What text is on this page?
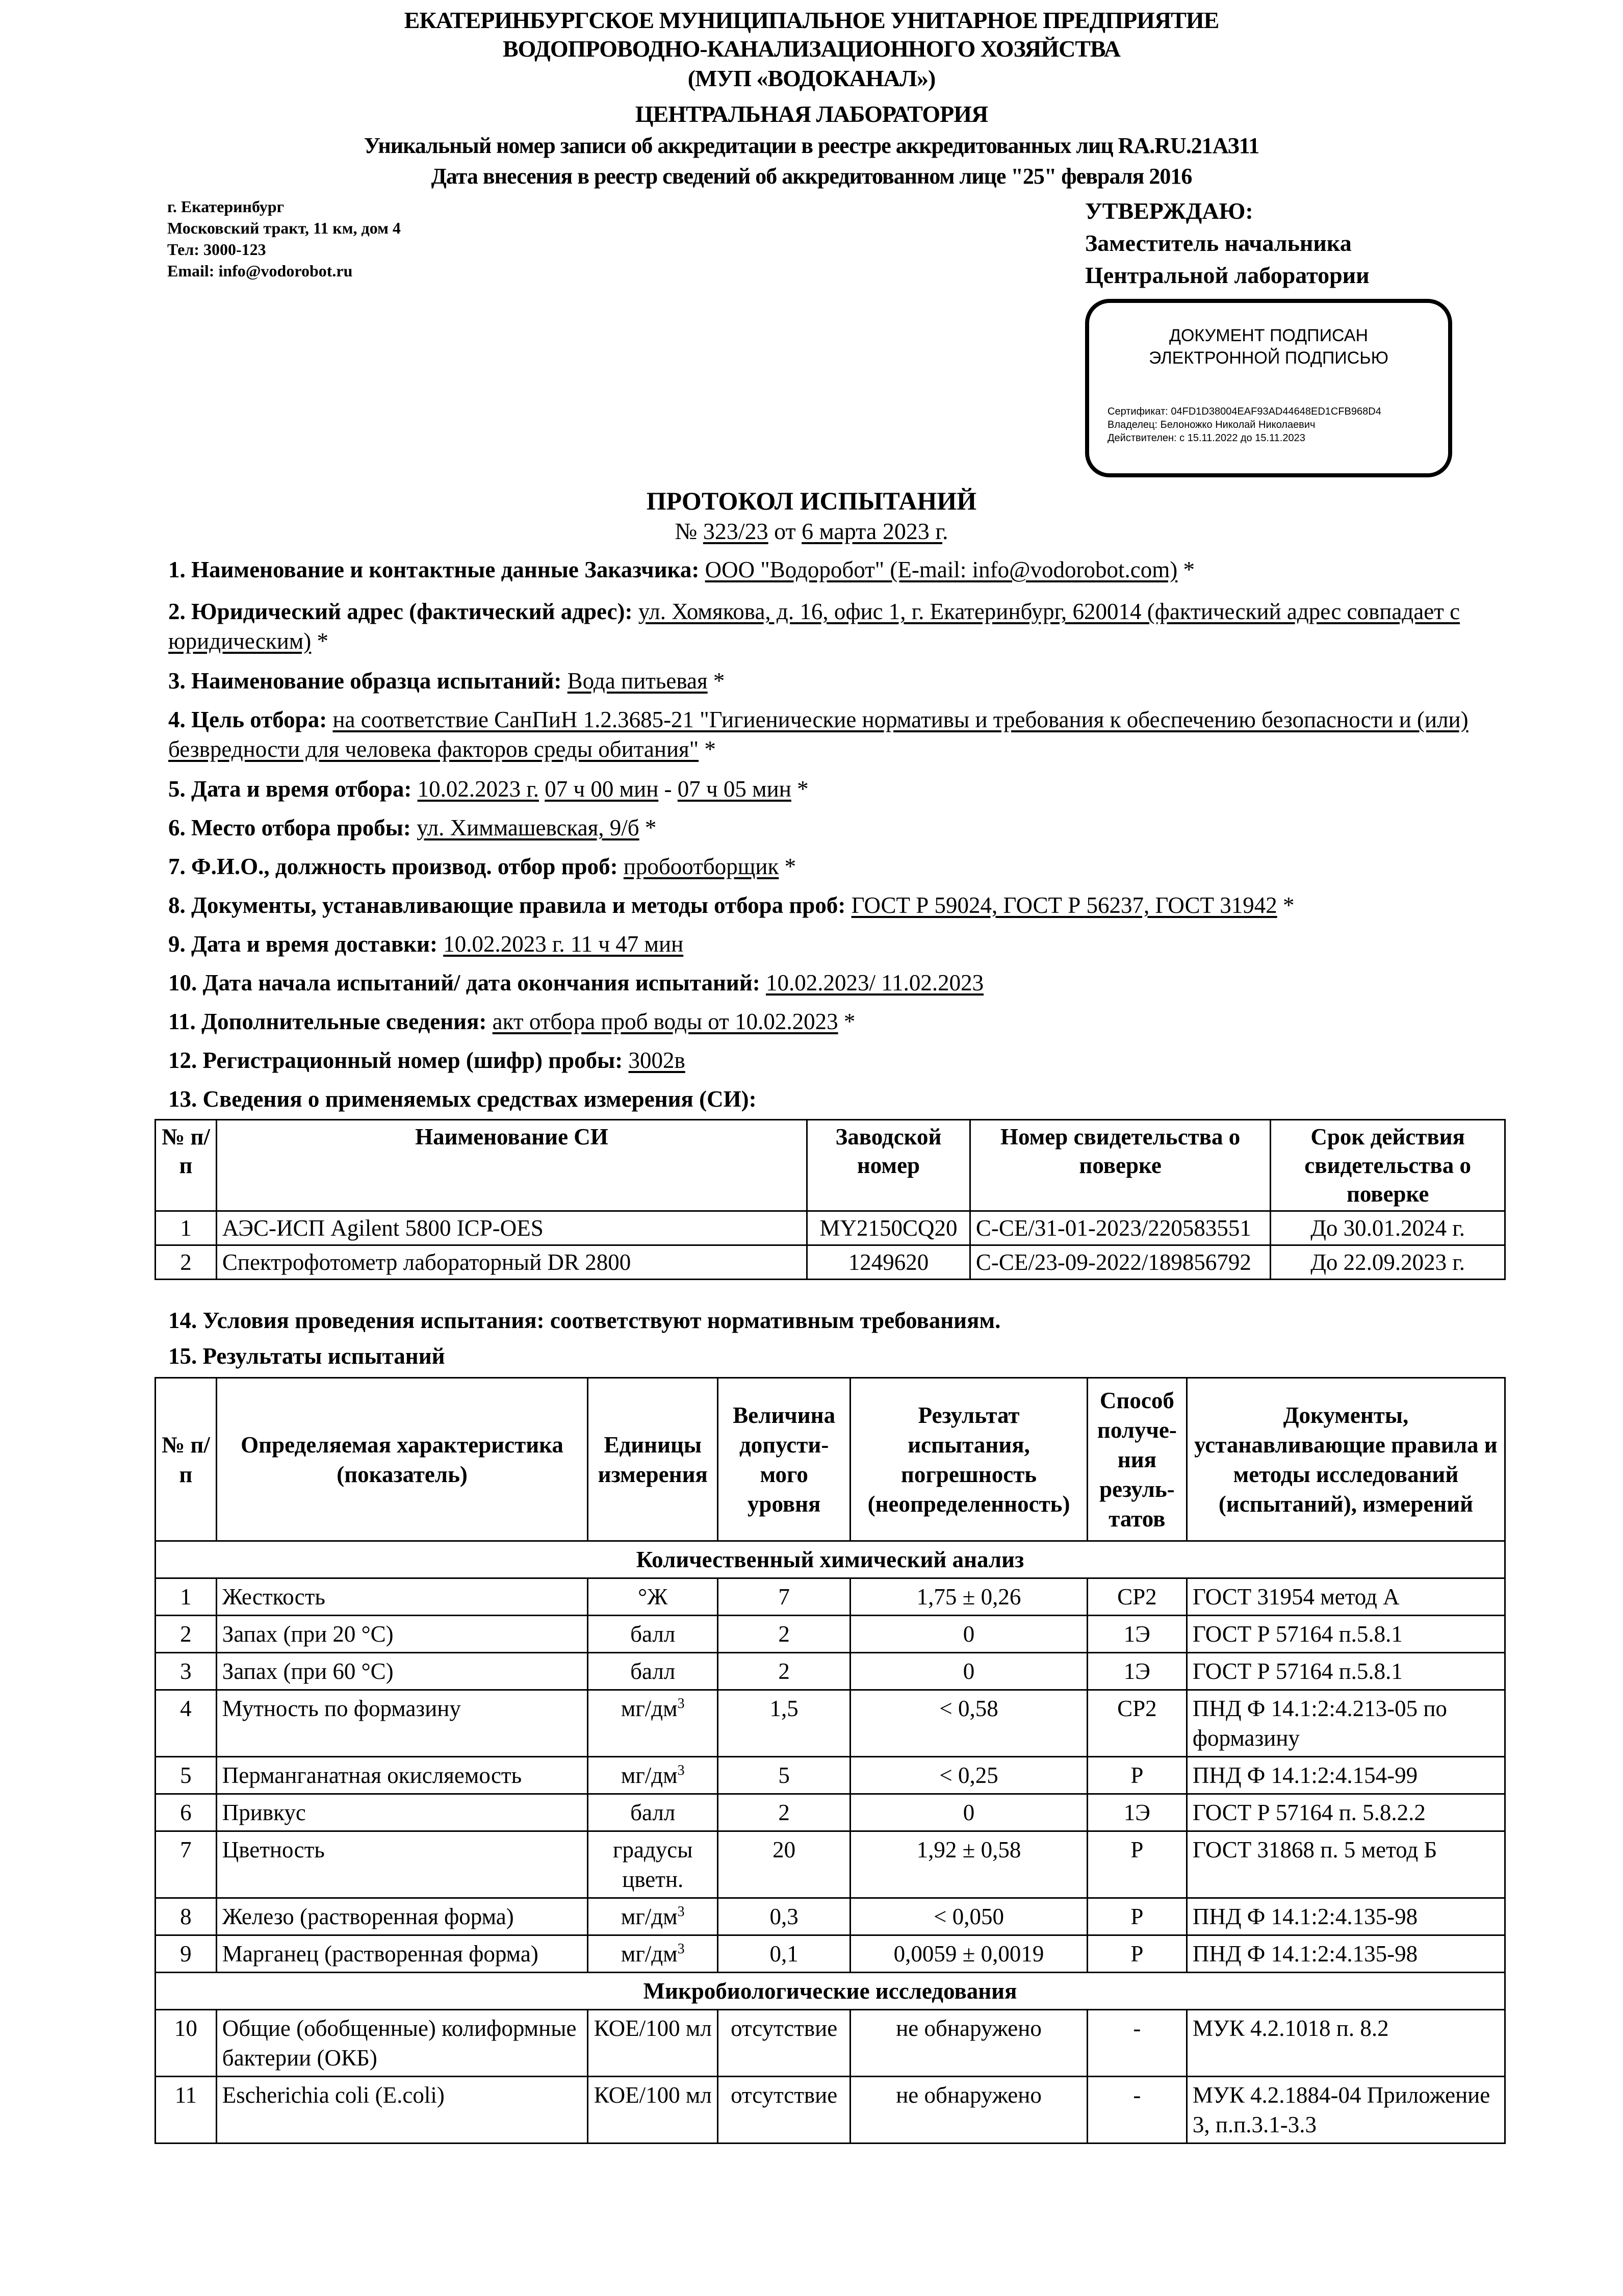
ЕКАТЕРИНБУРГСКОЕ МУНИЦИПАЛЬНОЕ УНИТАРНОЕ ПРЕДПРИЯТИЕ
ВОДОПРОВОДНО-КАНАЛИЗАЦИОННОГО ХОЗЯЙСТВА
(МУП «ВОДОКАНАЛ»)
ЦЕНТРАЛЬНАЯ ЛАБОРАТОРИЯ
Уникальный номер записи об аккредитации в реестре аккредитованных лиц RA.RU.21АЗ11
Дата внесения в реестр сведений об аккредитованном лице "25" февраля 2016
г. Екатеринбург
Московский тракт, 11 км, дом 4
Тел: 3000-123
Email: info@vodorobot.ru
УТВЕРЖДАЮ:
Заместитель начальника
Центральной лаборатории
ДОКУМЕНТ ПОДПИСАН
ЭЛЕКТРОННОЙ ПОДПИСЬЮ
Сертификат: 04FD1D38004EAF93AD44648ED1CFB968D4
Владелец: Белоножко Николай Николаевич
Действителен: с 15.11.2022 до 15.11.2023
ПРОТОКОЛ ИСПЫТАНИЙ
№ 323/23 от 6 марта 2023 г.
1. Наименование и контактные данные Заказчика: ООО "Водоробот" (E-mail: info@vodorobot.com) *
2. Юридический адрес (фактический адрес): ул. Хомякова, д. 16, офис 1, г. Екатеринбург, 620014 (фактический адрес совпадает с юридическим) *
3. Наименование образца испытаний: Вода питьевая *
4. Цель отбора: на соответствие СанПиН 1.2.3685-21 "Гигиенические нормативы и требования к обеспечению безопасности и (или) безвредности для человека факторов среды обитания" *
5. Дата и время отбора: 10.02.2023 г. 07 ч 00 мин - 07 ч 05 мин *
6. Место отбора пробы: ул. Химмашевская, 9/б *
7. Ф.И.О., должность производ. отбор проб: пробоотборщик *
8. Документы, устанавливающие правила и методы отбора проб: ГОСТ Р 59024, ГОСТ Р 56237, ГОСТ 31942 *
9. Дата и время доставки: 10.02.2023 г. 11 ч 47 мин
10. Дата начала испытаний/ дата окончания испытаний: 10.02.2023/ 11.02.2023
11. Дополнительные сведения: акт отбора проб воды от 10.02.2023 *
12. Регистрационный номер (шифр) пробы: 3002в
13. Сведения о применяемых средствах измерения (СИ):
№ п/п	Наименование СИ	Заводской номер	Номер свидетельства о поверке	Срок действия свидетельства о поверке
1	АЭС-ИСП Agilent 5800 ICP-OES	MY2150CQ20	С-СЕ/31-01-2023/220583551	До 30.01.2024 г.
2	Спектрофотометр лабораторный DR 2800	1249620	С-СЕ/23-09-2022/189856792	До 22.09.2023 г.
14. Условия проведения испытания: соответствуют нормативным требованиям.
15. Результаты испытаний
№ п/п	Определяемая характеристика (показатель)	Единицы измерения	Величина допусти-мого уровня	Результат испытания, погрешность (неопределенность)	Способ получе-ния резуль-татов	Документы, устанавливающие правила и методы исследований (испытаний), измерений
Количественный химический анализ						
1	Жесткость	°Ж	7	1,75 ± 0,26	СР2	ГОСТ 31954 метод А
2	Запах (при 20 °С)	балл	2	0	1Э	ГОСТ Р 57164 п.5.8.1
3	Запах (при 60 °С)	балл	2	0	1Э	ГОСТ Р 57164 п.5.8.1
4	Мутность по формазину	$мг/дм^3$	1,5	< 0,58	СР2	ПНД Ф 14.1:2:4.213-05 по формазину
5	Перманганатная окисляемость	$мг/дм^3$	5	< 0,25	Р	ПНД Ф 14.1:2:4.154-99
6	Привкус	балл	2	0	1Э	ГОСТ Р 57164 п. 5.8.2.2
7	Цветность	градусы цветн.	20	1,92 ± 0,58	Р	ГОСТ 31868 п. 5 метод Б
8	Железо (растворенная форма)	$мг/дм^3$	0,3	< 0,050	Р	ПНД Ф 14.1:2:4.135-98
9	Марганец (растворенная форма)	$мг/дм^3$	0,1	0,0059 ± 0,0019	Р	ПНД Ф 14.1:2:4.135-98
Микробиологические исследования						
10	Общие (обобщенные) колиформные бактерии (ОКБ)	КОЕ/100 мл	отсутствие	не обнаружено	-	МУК 4.2.1018 п. 8.2
11	Escherichia coli (E.coli)	КОЕ/100 мл	отсутствие	не обнаружено	-	МУК 4.2.1884-04 Приложение 3, п.п.3.1-3.3
